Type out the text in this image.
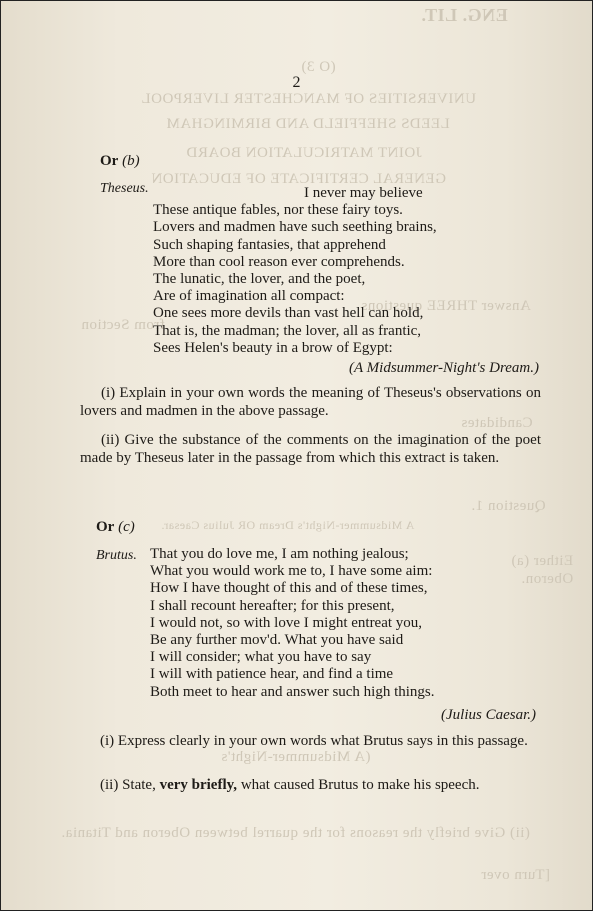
ENG. LIT.
(O 3)
UNIVERSITIES OF MANCHESTER LIVERPOOL
LEEDS SHEFFIELD AND BIRMINGHAM
JOINT MATRICULATION BOARD
GENERAL CERTIFICATE OF EDUCATION
Answer THREE questions
from Section
Candidates
Question 1.
A Midsummer-Night's Dream OR Julius Caesar.
Either (a)
Oberon.
(A Midsummer-Night's
(ii) Give briefly the reasons for the quarrel between Oberon and Titania.
[Turn over
2
Or (b)
Theseus.	I never may believe
These antique fables, nor these fairy toys.
Lovers and madmen have such seething brains,
Such shaping fantasies, that apprehend
More than cool reason ever comprehends.
The lunatic, the lover, and the poet,
Are of imagination all compact:
One sees more devils than vast hell can hold,
That is, the madman; the lover, all as frantic,
Sees Helen's beauty in a brow of Egypt:
(A Midsummer-Night's Dream.)
(i) Explain in your own words the meaning of Theseus's observations on lovers and madmen in the above passage.
(ii) Give the substance of the comments on the imagination of the poet made by Theseus later in the passage from which this extract is taken.
Or (c)
Brutus. That you do love me, I am nothing jealous;
What you would work me to, I have some aim:
How I have thought of this and of these times,
I shall recount hereafter; for this present,
I would not, so with love I might entreat you,
Be any further mov'd. What you have said
I will consider; what you have to say
I will with patience hear, and find a time
Both meet to hear and answer such high things.
(Julius Caesar.)
(i) Express clearly in your own words what Brutus says in this passage.
(ii) State, very briefly, what caused Brutus to make his speech.
